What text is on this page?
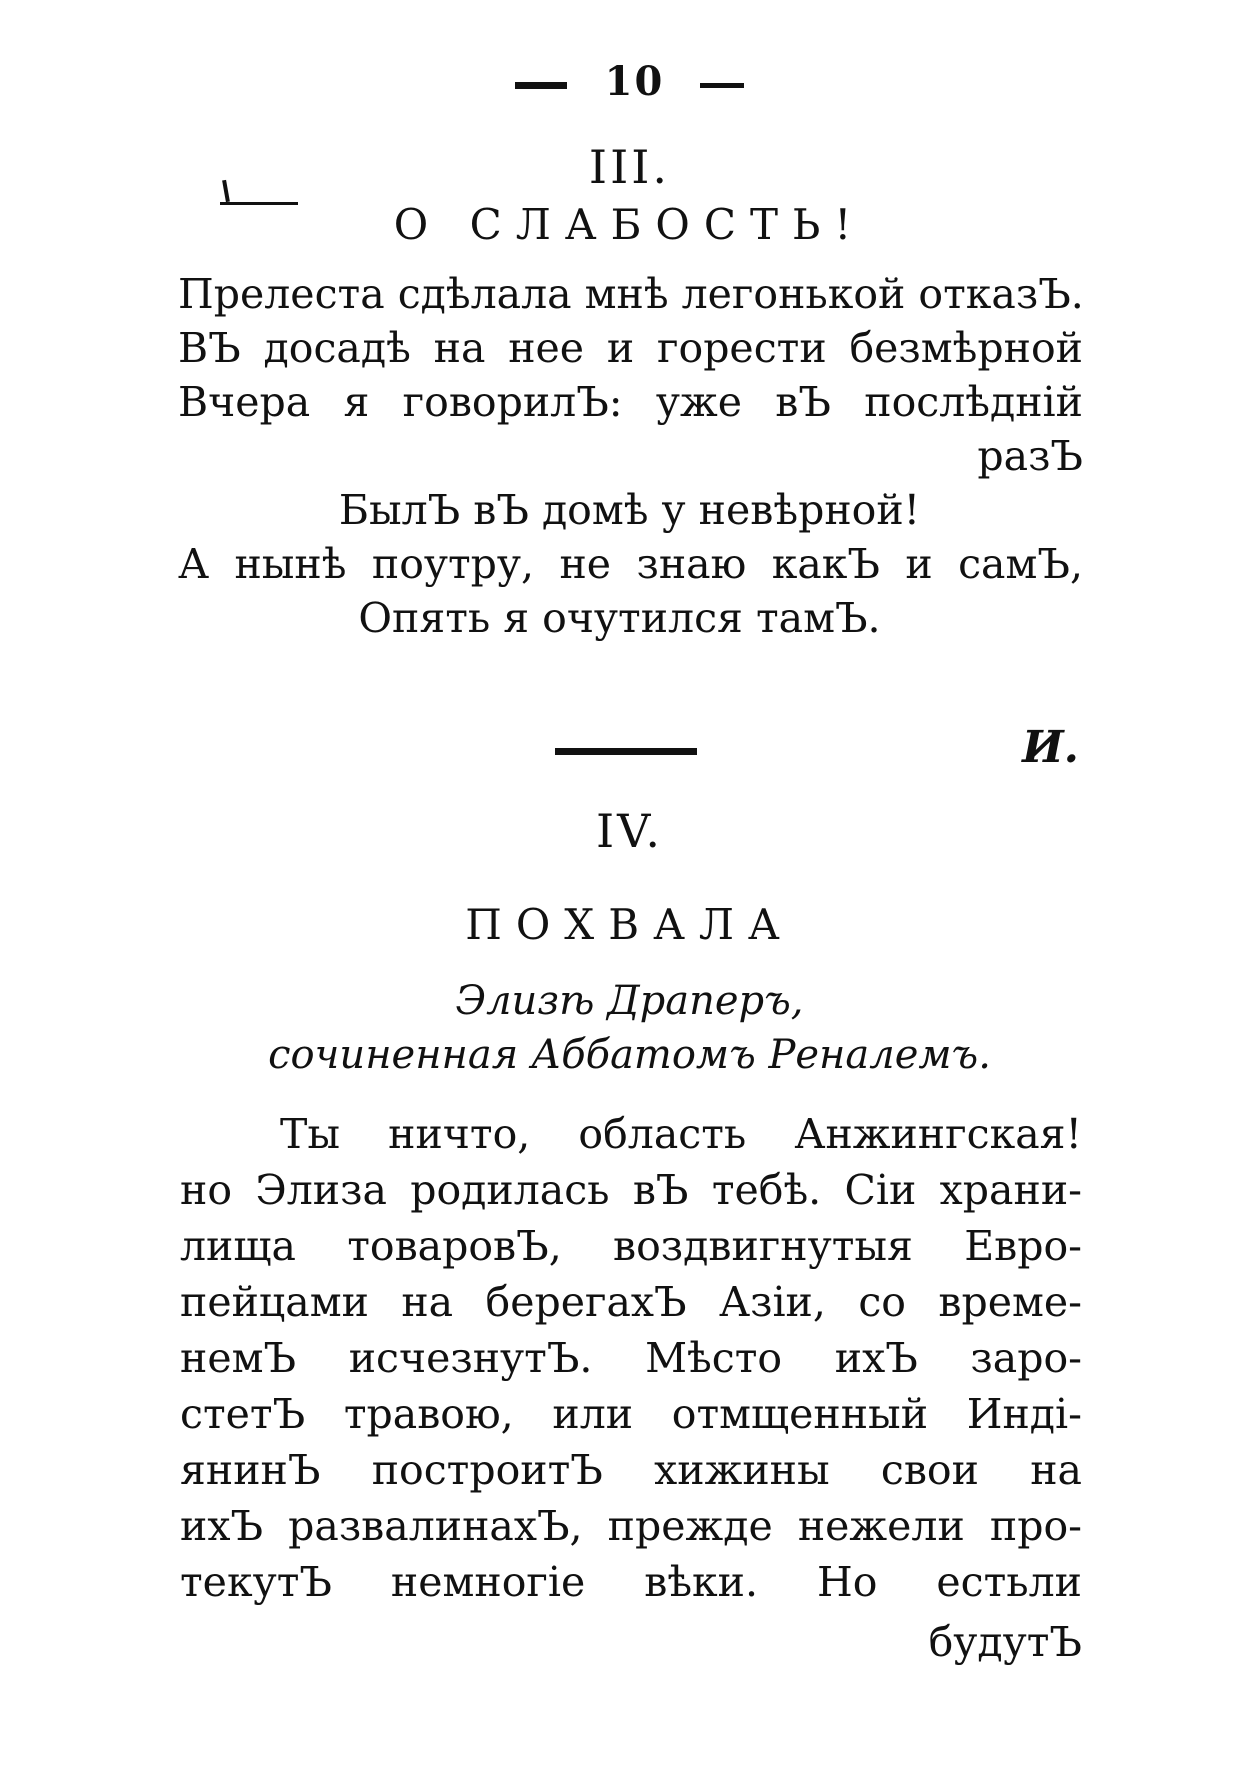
10
III.
О СЛАБОСТЬ!
Прелеста сдѣлала мнѣ легонькой отказЪ.
ВЪ досадѣ на нее и горести безмѣрной
Вчера я говорилЪ: уже вЪ послѣднiй
разЪ
БылЪ вЪ домѣ у невѣрной!
А нынѣ поутру, не знаю какЪ и самЪ,
Опять я очутился тамЪ.
И.
IV.
ПОХВАЛА
Элизѣ Драперъ,
сочиненная Аббатомъ Реналемъ.
Ты ничто, область Анжингская!
но Элиза родилась вЪ тебѣ. Сiи храни-
лища товаровЪ, воздвигнутыя Евро-
пейцами на берегахЪ Азiи, со време-
немЪ исчезнутЪ. Мѣсто ихЪ заро-
стетЪ травою, или отмщенный Индi-
янинЪ построитЪ хижины свои на
ихЪ развалинахЪ, прежде нежели про-
текутЪ немногiе вѣки. Но естьли
будутЪ
